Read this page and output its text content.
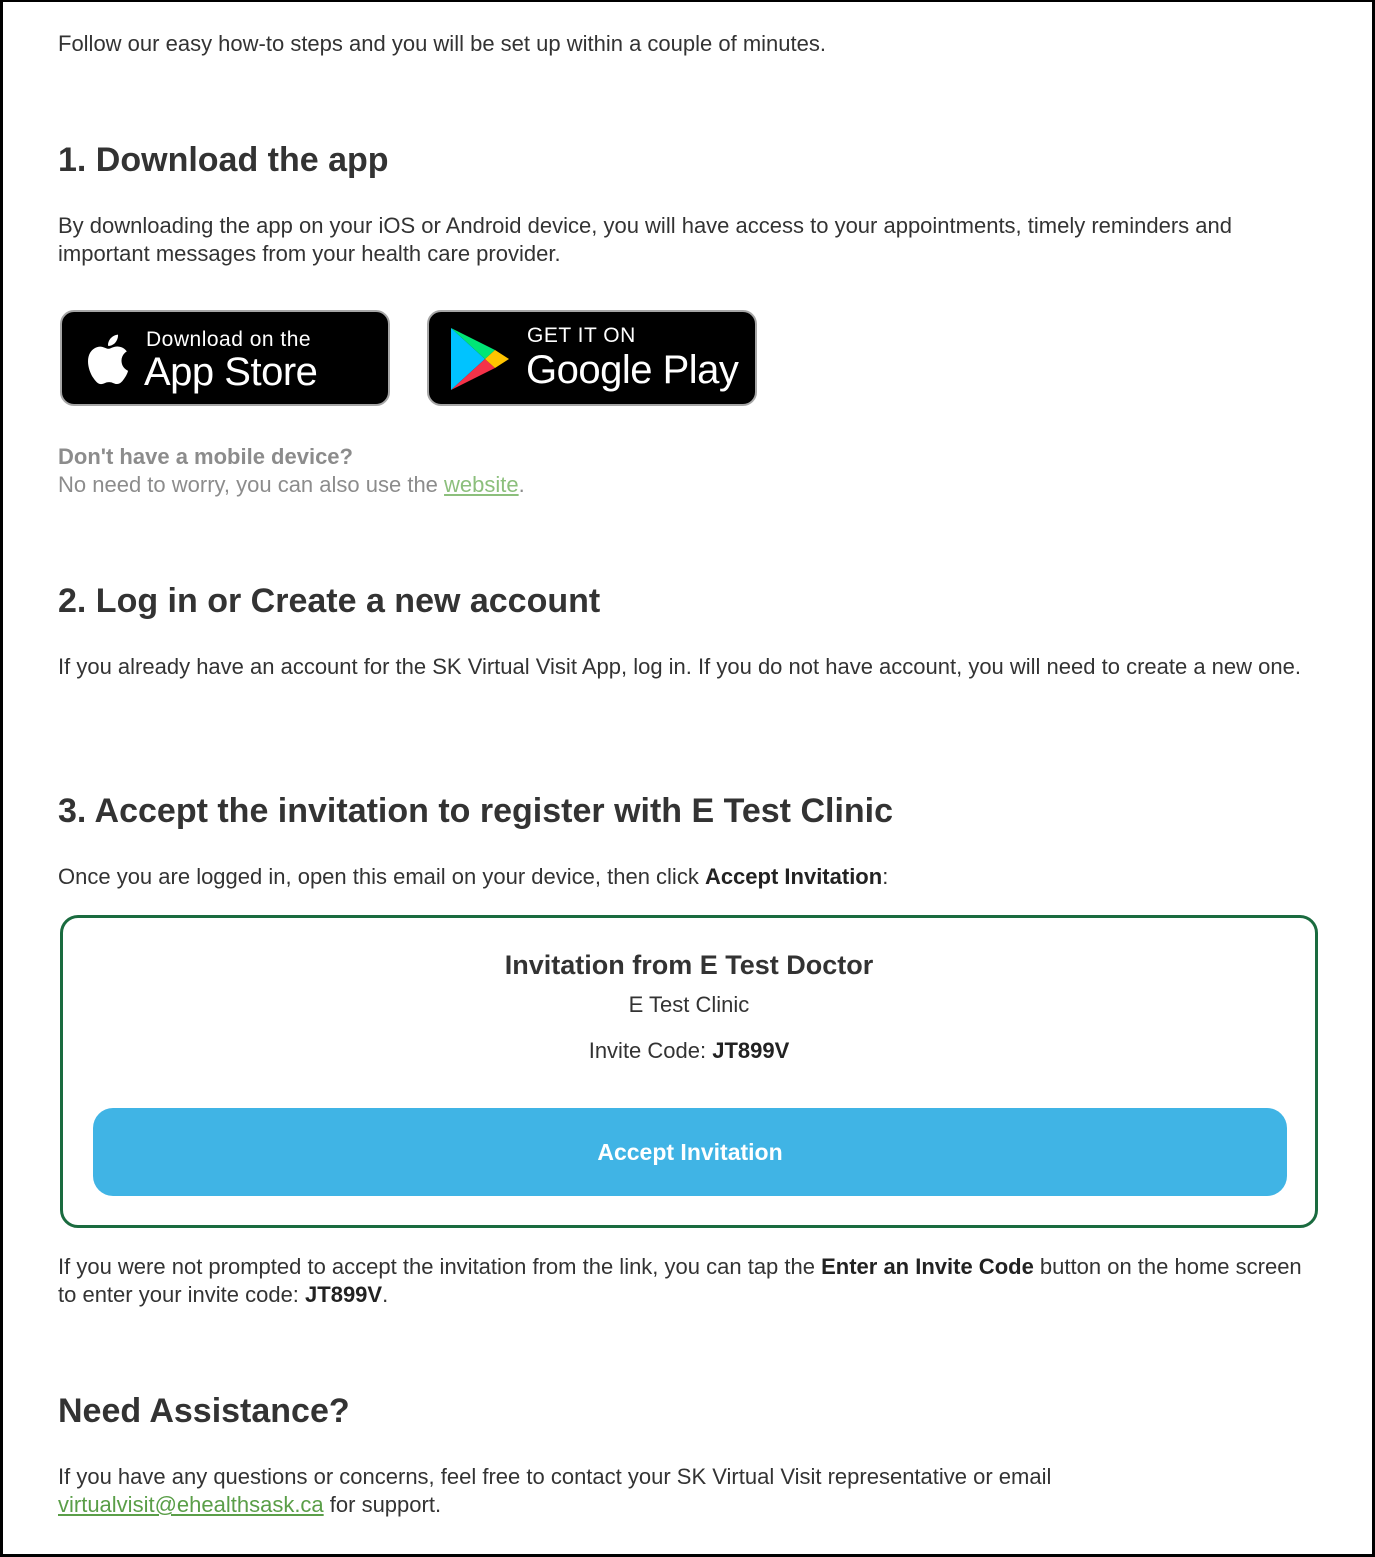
Follow our easy how-to steps and you will be set up within a couple of minutes.

1. Download the app

By downloading the app on your iOS or Android device, you will have access to your appointments, timely reminders and important messages from your health care provider.

Download on the
App Store
GET IT ON
Google Play

Don't have a mobile device?

No need to worry, you can also use the website.

2. Log in or Create a new account

If you already have an account for the SK Virtual Visit App, log in. If you do not have account, you will need to create a new one.

3. Accept the invitation to register with E Test Clinic

Once you are logged in, open this email on your device, then click Accept Invitation:

Invitation from E Test Doctor
E Test Clinic
Invite Code: JT899V
Accept Invitation

If you were not prompted to accept the invitation from the link, you can tap the Enter an Invite Code button on the home screen to enter your invite code: JT899V.

Need Assistance?

If you have any questions or concerns, feel free to contact your SK Virtual Visit representative or email virtualvisit@ehealthsask.ca for support.
